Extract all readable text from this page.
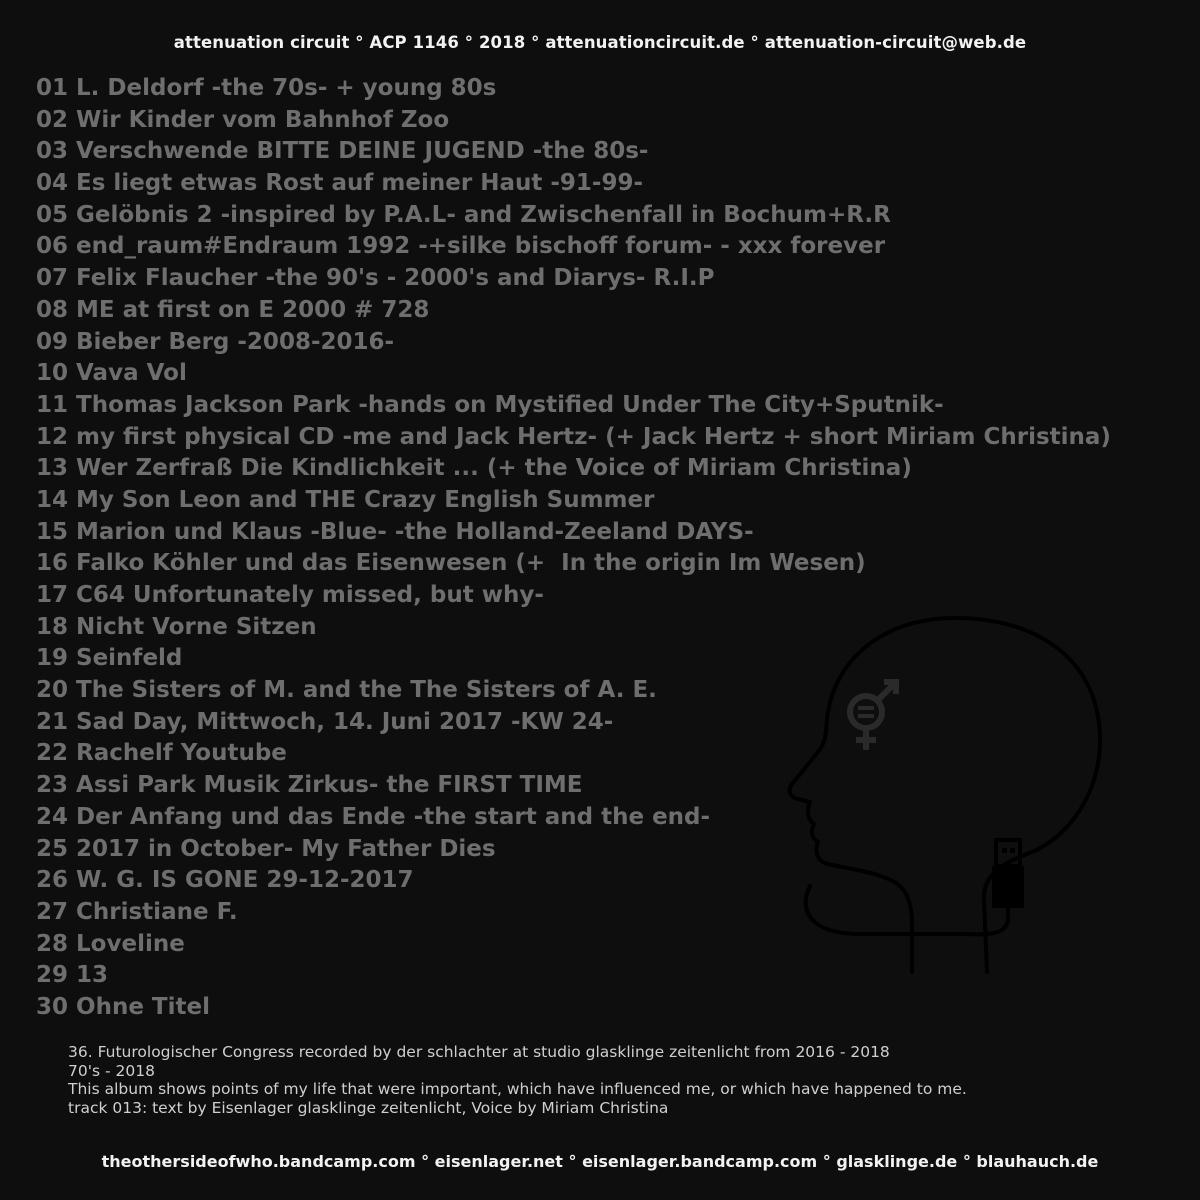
attenuation circuit ° ACP 1146 ° 2018 ° attenuationcircuit.de ° attenuation-circuit@web.de
01 L. Deldorf -the 70s- + young 80s
02 Wir Kinder vom Bahnhof Zoo
03 Verschwende BITTE DEINE JUGEND -the 80s-
04 Es liegt etwas Rost auf meiner Haut -91-99-
05 Gelöbnis 2 -inspired by P.A.L- and Zwischenfall in Bochum+R.R
06 end_raum#Endraum 1992 -+silke bischoff forum- - xxx forever
07 Felix Flaucher -the 90's - 2000's and Diarys- R.I.P
08 ME at first on E 2000 # 728
09 Bieber Berg -2008-2016-
10 Vava Vol
11 Thomas Jackson Park -hands on Mystified Under The City+Sputnik-
12 my first physical CD -me and Jack Hertz- (+ Jack Hertz + short Miriam Christina)
13 Wer Zerfraß Die Kindlichkeit ... (+ the Voice of Miriam Christina)
14 My Son Leon and THE Crazy English Summer
15 Marion und Klaus -Blue- -the Holland-Zeeland DAYS-
16 Falko Köhler und das Eisenwesen (+  In the origin Im Wesen)
17 C64 Unfortunately missed, but why-
18 Nicht Vorne Sitzen
19 Seinfeld
20 The Sisters of M. and the The Sisters of A. E.
21 Sad Day, Mittwoch, 14. Juni 2017 -KW 24-
22 Rachelf Youtube
23 Assi Park Musik Zirkus- the FIRST TIME
24 Der Anfang und das Ende -the start and the end-
25 2017 in October- My Father Dies
26 W. G. IS GONE 29-12-2017
27 Christiane F.
28 Loveline
29 13
30 Ohne Titel
36. Futurologischer Congress recorded by der schlachter at studio glasklinge zeitenlicht from 2016 - 2018
70's - 2018
This album shows points of my life that were important, which have influenced me, or which have happened to me.
track 013: text by Eisenlager glasklinge zeitenlicht, Voice by Miriam Christina
theothersideofwho.bandcamp.com ° eisenlager.net ° eisenlager.bandcamp.com ° glasklinge.de ° blauhauch.de
